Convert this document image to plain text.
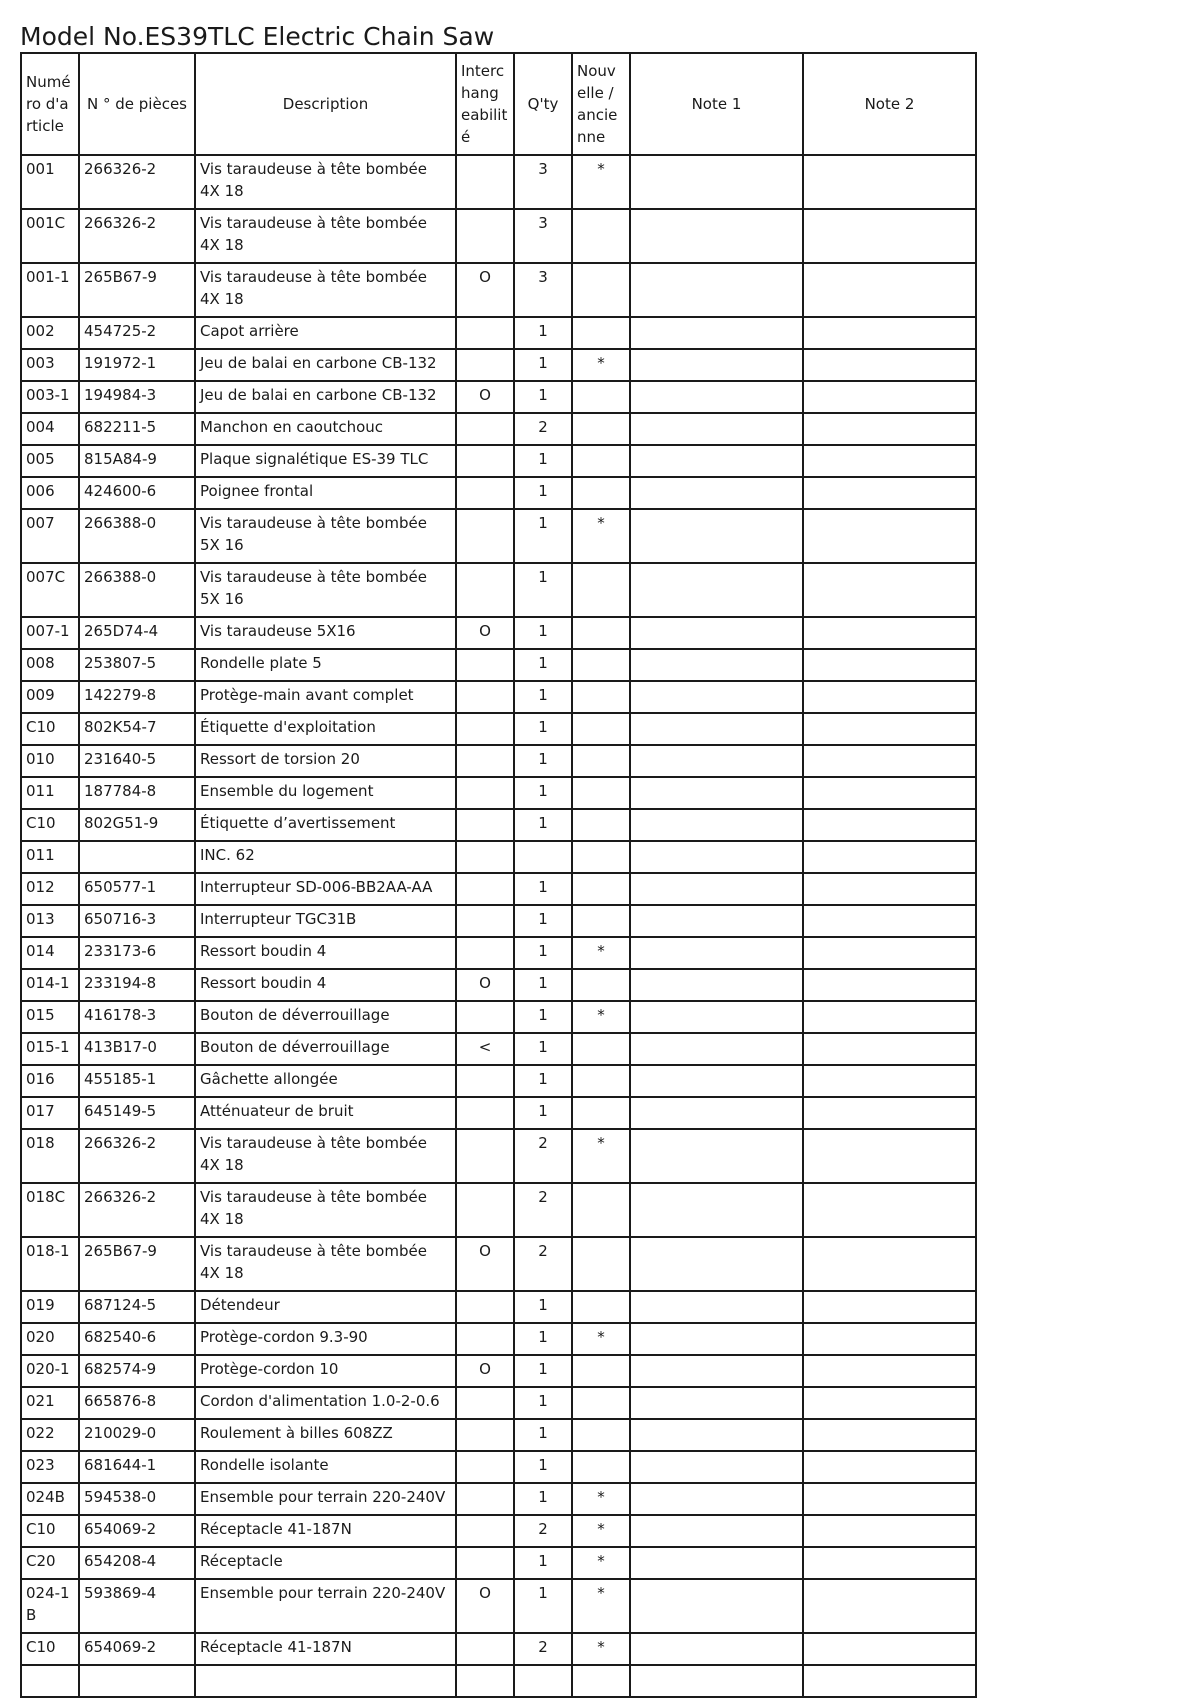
Model No.ES39TLC Electric Chain Saw
Numé ro d'a rticle	N ° de pièces	Description	Interc hang eabilit é	Q'ty	Nouv elle / ancie nne	Note 1	Note 2
001	266326-2	Vis taraudeuse à tête bombée 4X 18		3	*		
001C	266326-2	Vis taraudeuse à tête bombée 4X 18		3			
001-1	265B67-9	Vis taraudeuse à tête bombée 4X 18	O	3			
002	454725-2	Capot arrière		1			
003	191972-1	Jeu de balai en carbone CB-132		1	*		
003-1	194984-3	Jeu de balai en carbone CB-132	O	1			
004	682211-5	Manchon en caoutchouc		2			
005	815A84-9	Plaque signalétique ES-39 TLC		1			
006	424600-6	Poignee frontal		1			
007	266388-0	Vis taraudeuse à tête bombée 5X 16		1	*		
007C	266388-0	Vis taraudeuse à tête bombée 5X 16		1			
007-1	265D74-4	Vis taraudeuse 5X16	O	1			
008	253807-5	Rondelle plate 5		1			
009	142279-8	Protège-main avant complet		1			
C10	802K54-7	Étiquette d'exploitation		1			
010	231640-5	Ressort de torsion 20		1			
011	187784-8	Ensemble du logement		1			
C10	802G51-9	Étiquette d’avertissement		1			
011		INC. 62					
012	650577-1	Interrupteur SD-006-BB2AA-AA		1			
013	650716-3	Interrupteur TGC31B		1			
014	233173-6	Ressort boudin 4		1	*		
014-1	233194-8	Ressort boudin 4	O	1			
015	416178-3	Bouton de déverrouillage		1	*		
015-1	413B17-0	Bouton de déverrouillage	<	1			
016	455185-1	Gâchette allongée		1			
017	645149-5	Atténuateur de bruit		1			
018	266326-2	Vis taraudeuse à tête bombée 4X 18		2	*		
018C	266326-2	Vis taraudeuse à tête bombée 4X 18		2			
018-1	265B67-9	Vis taraudeuse à tête bombée 4X 18	O	2			
019	687124-5	Détendeur		1			
020	682540-6	Protège-cordon 9.3-90		1	*		
020-1	682574-9	Protège-cordon 10	O	1			
021	665876-8	Cordon d'alimentation 1.0-2-0.6		1			
022	210029-0	Roulement à billes 608ZZ		1			
023	681644-1	Rondelle isolante		1			
024B	594538-0	Ensemble pour terrain 220-240V		1	*		
C10	654069-2	Réceptacle 41-187N		2	*		
C20	654208-4	Réceptacle		1	*		
024-1 B	593869-4	Ensemble pour terrain 220-240V	O	1	*		
C10	654069-2	Réceptacle 41-187N		2	*		
